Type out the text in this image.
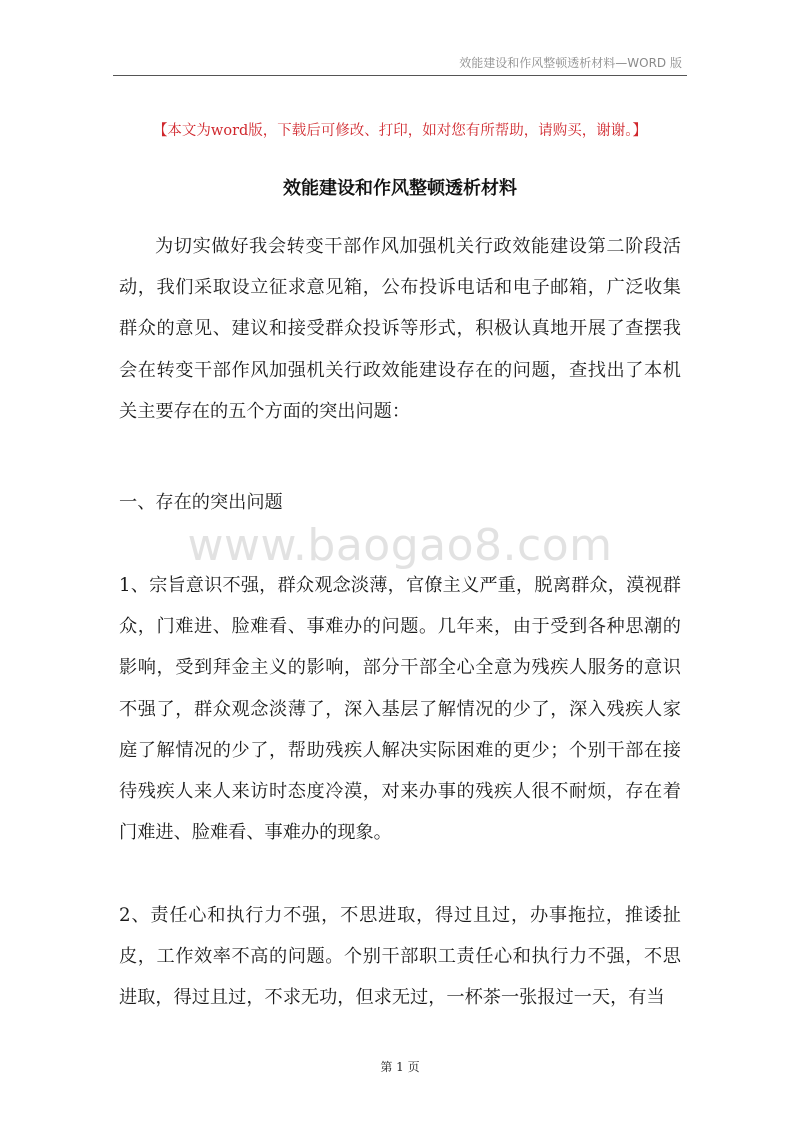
效能建设和作风整顿透析材料—WORD 版
【本文为word版，下载后可修改、打印，如对您有所帮助，请购买，谢谢。】
效能建设和作风整顿透析材料

为切实做好我会转变干部作风加强机关行政效能建设第二阶段活动，我们采取设立征求意见箱，公布投诉电话和电子邮箱，广泛收集群众的意见、建议和接受群众投诉等形式，积极认真地开展了查摆我会在转变干部作风加强机关行政效能建设存在的问题，查找出了本机关主要存在的五个方面的突出问题：

一、存在的突出问题

www.baogao8.com

1、宗旨意识不强，群众观念淡薄，官僚主义严重，脱离群众，漠视群众，门难进、脸难看、事难办的问题。几年来，由于受到各种思潮的影响，受到拜金主义的影响，部分干部全心全意为残疾人服务的意识不强了，群众观念淡薄了，深入基层了解情况的少了，深入残疾人家庭了解情况的少了，帮助残疾人解决实际困难的更少；个别干部在接待残疾人来人来访时态度冷漠，对来办事的残疾人很不耐烦，存在着门难进、脸难看、事难办的现象。

2、责任心和执行力不强，不思进取，得过且过，办事拖拉，推诿扯皮，工作效率不高的问题。个别干部职工责任心和执行力不强，不思进取，得过且过，不求无功，但求无过，一杯茶一张报过一天，有当

第 1 页
